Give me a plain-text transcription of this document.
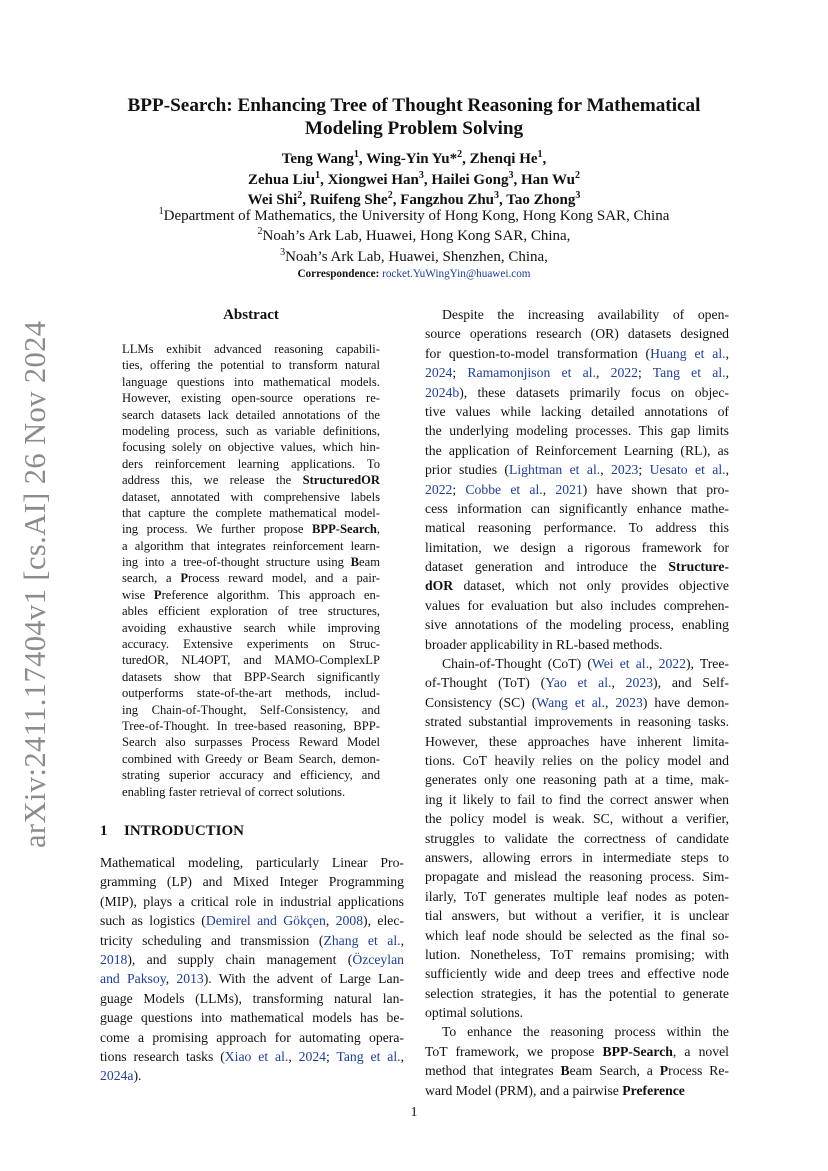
arXiv:2411.17404v1 [cs.AI] 26 Nov 2024
BPP-Search: Enhancing Tree of Thought Reasoning for Mathematical
Modeling Problem Solving
Teng Wang$^1$, Wing-Yin Yu*$^2$, Zhenqi He$^1$,
Zehua Liu$^1$, Xiongwei Han$^3$, Hailei Gong$^3$, Han Wu$^2$
Wei Shi$^2$, Ruifeng She$^2$, Fangzhou Zhu$^3$, Tao Zhong$^3$
$^1$Department of Mathematics, the University of Hong Kong, Hong Kong SAR, China
$^2$Noah’s Ark Lab, Huawei, Hong Kong SAR, China,
$^3$Noah’s Ark Lab, Huawei, Shenzhen, China,
Correspondence: rocket.YuWingYin@huawei.com
Abstract
LLMs exhibit advanced reasoning capabili-
ties, offering the potential to transform natural
language questions into mathematical models.
However, existing open-source operations re-
search datasets lack detailed annotations of the
modeling process, such as variable definitions,
focusing solely on objective values, which hin-
ders reinforcement learning applications. To
address this, we release the StructuredOR
dataset, annotated with comprehensive labels
that capture the complete mathematical model-
ing process. We further propose BPP-Search,
a algorithm that integrates reinforcement learn-
ing into a tree-of-thought structure using Beam
search, a Process reward model, and a pair-
wise Preference algorithm. This approach en-
ables efficient exploration of tree structures,
avoiding exhaustive search while improving
accuracy. Extensive experiments on Struc-
turedOR, NL4OPT, and MAMO-ComplexLP
datasets show that BPP-Search significantly
outperforms state-of-the-art methods, includ-
ing Chain-of-Thought, Self-Consistency, and
Tree-of-Thought. In tree-based reasoning, BPP-
Search also surpasses Process Reward Model
combined with Greedy or Beam Search, demon-
strating superior accuracy and efficiency, and
enabling faster retrieval of correct solutions.
1 INTRODUCTION
Mathematical modeling, particularly Linear Pro-
gramming (LP) and Mixed Integer Programming
(MIP), plays a critical role in industrial applications
such as logistics (Demirel and Gökçen, 2008), elec-
tricity scheduling and transmission (Zhang et al.,
2018), and supply chain management (Özceylan
and Paksoy, 2013). With the advent of Large Lan-
guage Models (LLMs), transforming natural lan-
guage questions into mathematical models has be-
come a promising approach for automating opera-
tions research tasks (Xiao et al., 2024; Tang et al.,
2024a).
Despite the increasing availability of open-
source operations research (OR) datasets designed
for question-to-model transformation (Huang et al.,
2024; Ramamonjison et al., 2022; Tang et al.,
2024b), these datasets primarily focus on objec-
tive values while lacking detailed annotations of
the underlying modeling processes. This gap limits
the application of Reinforcement Learning (RL), as
prior studies (Lightman et al., 2023; Uesato et al.,
2022; Cobbe et al., 2021) have shown that pro-
cess information can significantly enhance mathe-
matical reasoning performance. To address this
limitation, we design a rigorous framework for
dataset generation and introduce the Structure-
dOR dataset, which not only provides objective
values for evaluation but also includes comprehen-
sive annotations of the modeling process, enabling
broader applicability in RL-based methods.
Chain-of-Thought (CoT) (Wei et al., 2022), Tree-
of-Thought (ToT) (Yao et al., 2023), and Self-
Consistency (SC) (Wang et al., 2023) have demon-
strated substantial improvements in reasoning tasks.
However, these approaches have inherent limita-
tions. CoT heavily relies on the policy model and
generates only one reasoning path at a time, mak-
ing it likely to fail to find the correct answer when
the policy model is weak. SC, without a verifier,
struggles to validate the correctness of candidate
answers, allowing errors in intermediate steps to
propagate and mislead the reasoning process. Sim-
ilarly, ToT generates multiple leaf nodes as poten-
tial answers, but without a verifier, it is unclear
which leaf node should be selected as the final so-
lution. Nonetheless, ToT remains promising; with
sufficiently wide and deep trees and effective node
selection strategies, it has the potential to generate
optimal solutions.
To enhance the reasoning process within the
ToT framework, we propose BPP-Search, a novel
method that integrates Beam Search, a Process Re-
ward Model (PRM), and a pairwise Preference
1
